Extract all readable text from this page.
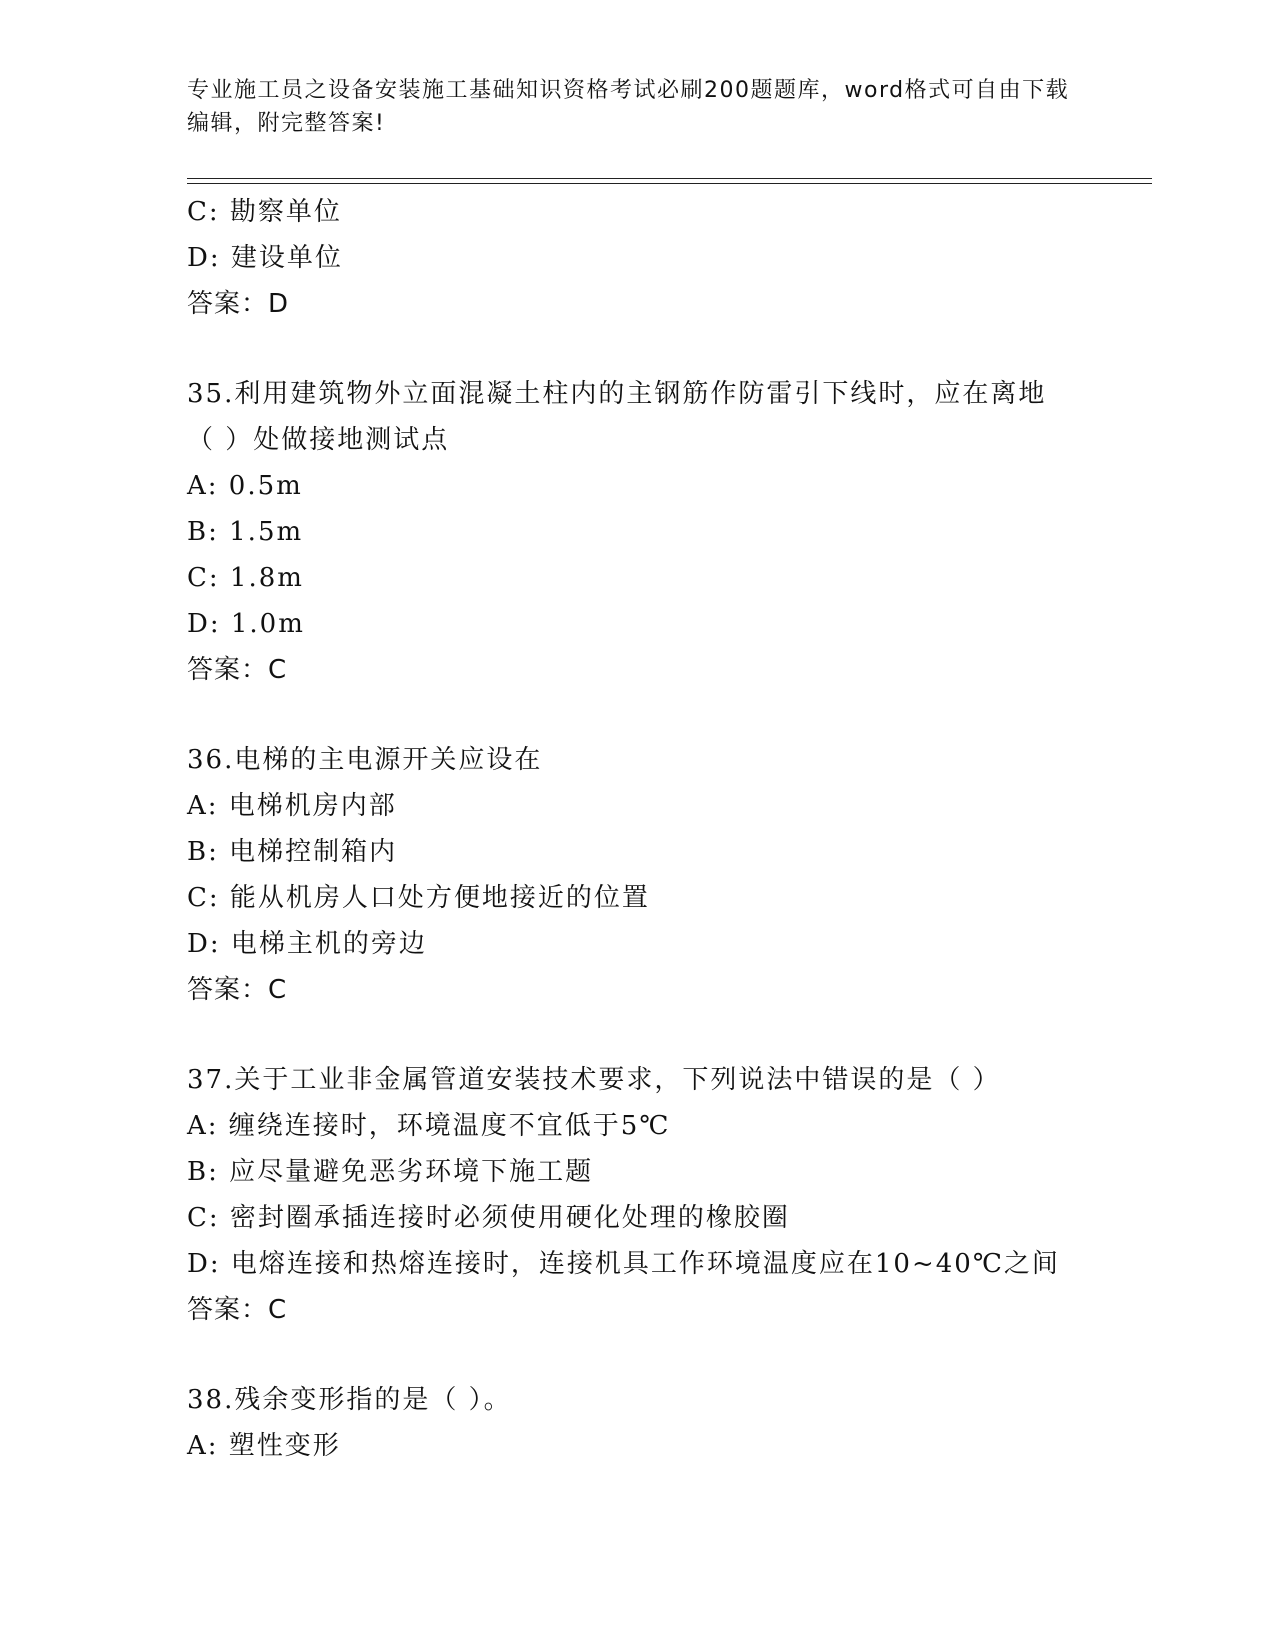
专业施工员之设备安装施工基础知识资格考试必刷200题题库，word格式可自由下载编辑，附完整答案!
C: 勘察单位
D: 建设单位
答案：D
35.利用建筑物外立面混凝土柱内的主钢筋作防雷引下线时，应在离地
（ ）处做接地测试点
A: 0.5m
B: 1.5m
C: 1.8m
D: 1.0m
答案：C
36.电梯的主电源开关应设在
A: 电梯机房内部
B: 电梯控制箱内
C: 能从机房人口处方便地接近的位置
D: 电梯主机的旁边
答案：C
37.关于工业非金属管道安装技术要求，下列说法中错误的是（ ）
A: 缠绕连接时，环境温度不宜低于5℃
B: 应尽量避免恶劣环境下施工题
C: 密封圈承插连接时必须使用硬化处理的橡胶圈
D: 电熔连接和热熔连接时，连接机具工作环境温度应在10~40℃之间
答案：C
38.残余变形指的是（ ）。
A: 塑性变形
